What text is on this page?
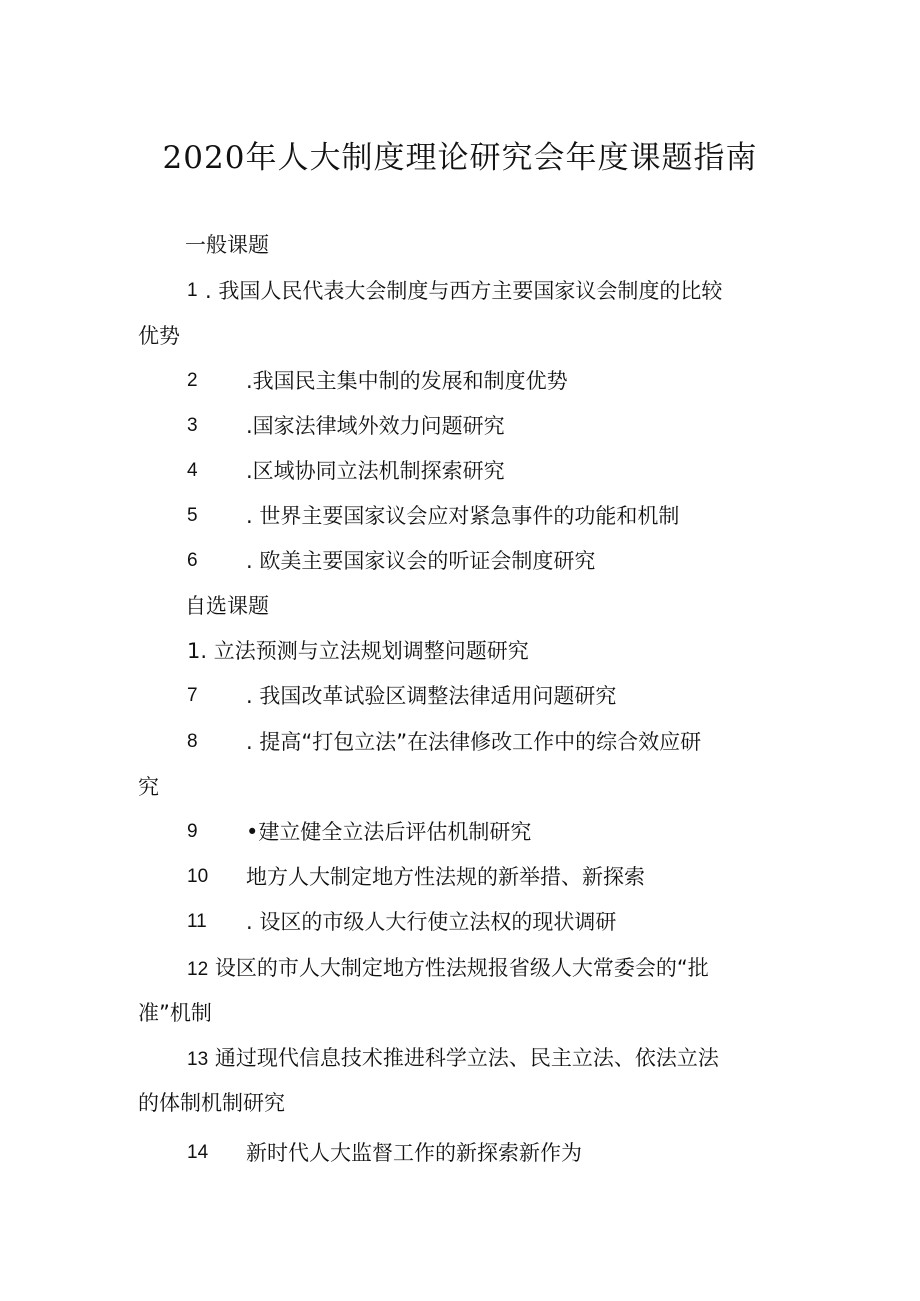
2020年人大制度理论研究会年度课题指南
一般课题
1 . 我国人民代表大会制度与西方主要国家议会制度的比较
优势
2 .我国民主集中制的发展和制度优势
3 .国家法律域外效力问题研究
4 .区域协同立法机制探索研究
5 . 世界主要国家议会应对紧急事件的功能和机制
6 . 欧美主要国家议会的听证会制度研究
自选课题
1. 立法预测与立法规划调整问题研究
7 . 我国改革试验区调整法律适用问题研究
8 . 提高“打包立法”在法律修改工作中的综合效应研
究
9 •建立健全立法后评估机制研究
10 地方人大制定地方性法规的新举措、新探索
11 . 设区的市级人大行使立法权的现状调研
12 设区的市人大制定地方性法规报省级人大常委会的“批
准”机制
13 通过现代信息技术推进科学立法、民主立法、依法立法
的体制机制研究
14 新时代人大监督工作的新探索新作为
